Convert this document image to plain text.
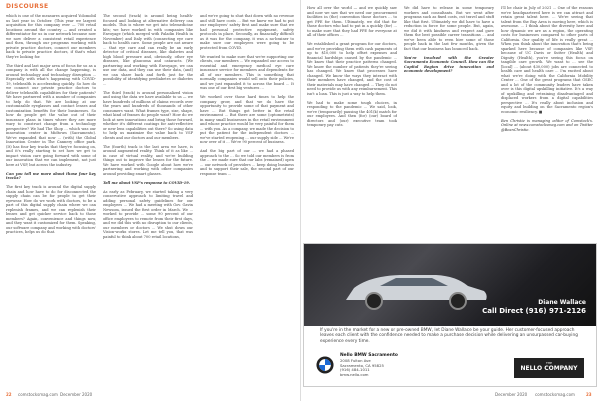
DISCOURSE

which is one of the measures acquired Yolomobil us last year in October. (This year we largest acquisition for this company ever — 700 retail locations around the country — and created a differentiator for us in our network because now we now deliver a consistent retail experience and then, through our programs working with private practice doctors, connect our members back to private practice doctors, if that's what they're looking for.

The third and last major area of focus for us as a company is with all the change happening, is around technology and technology disruption ... Especially with what's happening with COVID-19, telehealth is accelerating quickly. So how do we connect our private practice doctors to deliver telehealth capabilities for their patients? We have partnered with a number of companies to help do that. We are looking at our customizable eyeglasses and contact lenses and customization benefits for their businesses. So how do people get the value out of their insurance plans in times where they are more wary to construct change from a technology perspective? We had The Shop ... which was our innovation center in Midtown (Sacramento). We've expanded that now ... (with) the Global Innovation Center in The Cannery office park. (It) has four key tracks that they're focusing on, and it's really starting to set how we get to impact vision care going forward with some of our innovation that we can implement, not just here at VSP, but across the industry.

Can you tell me more about those four key tracks?

The first key track is around the digital supply chain and how have to do for disconnected the supply chain can be for people to get their eyewear. How do we work with doctors, to be a part of this digital supply chain where we can replenish frames, and we can replenish their lenses and get quicker service back to those members? Again, convenience and things now, and they want it customized for them. Speaking, our software company and working with doctors' practices, helps us do that.

The second (track) is around being health-focused and looking at alternative delivery can models. This is where we get into telemedicine kits; we have worked in with companies like Envoyage (which merged with Paladin Health in November) and Italy with (connecting eye care back to health care. Some people are not aware ... that eye care and can really be an early detector of critical diseases, like diabetes and high blood pressure and, obviously, other eye diseases, like glaucoma and cataracts. (We partnering and working with Envoyage, we can use our data, and they can use their data, (and) we can share back and forth just for the possibility of identifying prediabetes or diabetes ...

The third (track) is around personalized vision and using the data we have available to us — we have hundreds of millions of claims records over the years and hundreds of thousands of other consumers want. What frames type, size, shape, what kind of frames do people want? How do we look at new innovations and bring those forward, whether it's different coatings for anti-reflective or new lens capabilities out there? So using data to help us maximize the value back to VSP clients and our doctors and our members.

The (fourth) track is the last area we have, is around augmented reality. Think of it as like ... in case of virtual reality, and we're building things out to improve the lenses for the future. We have worked with Google about how we're partnering and working with other companies around providing smart glasses.

Tell me about VSP's response to COVID-19.

As early as February, we started taking a very conservative approach to limiting travel and adding personal safety guidelines for our employees ... We had a meeting with Gov. Gavin Newsom, issued the first order in March. We ... worked to provide ... some 90 percent of our office employees to remote from their first days, and we did this with no disruption to our clients, our members or doctors ... We shut down our Vision-works stores. Let me tell you, that was painful to think about 700 retail locations,

and we're going to shut that down with no revenue and still have costs ... But we knew we had to put our employees' safety first and make sure that we had personal protective equipment, safety protocols in place. Secondly, as financially difficult as it was for the company, it was a no-brainer to make sure our employees were going to be protected from COVID.

We wanted to make sure that we're supporting our clients, our members ... We expanded our access to essential and emergency medical eye care insurance service for members and dependents for all of our members. This is something that normally companies would sell onto their policies, and we just expanded it to across the board ... It was one of our first big ventures ...

We worked over those hard times to help the company grow, and that we do have the opportunity to provide some of that payment and have ... But things got better in the retail environment ... But there are some (optometrists) in many small businesses in the retail environment and whose practice would be very painful for them ... with you. As a company, we made the decision to put the patient for the independent doctors ... we've started reopening ... our supply side ... We're now over of it ... We're 90 percent of business.

And the big part of our ... we had a phased approach to the ... So we told our members is from the ... we made sure that our labs (remained) open ... our network of providers ... keep doing business and to support their sale, the second part of our response team ...

How all over the world — and we quickly saw and now we saw that we need our procurement facilities in (the) convention those doctors ... to get PPE for them. Ultimately, we did that for those doctors who had to put in a quickly (for) ... to make sure that they had PPE for everyone at all of their offices ...

We established a grant program for our doctors, and we're providing them with cash payments of up to $10,000 to help offset expenses and financial hardships caused by the pandemic ... We know that their practice patterns changed. We know the number of patients they're seeing has changed. We know that processes have changed. We know the ways they interact with their members have changed, and the cost of their materials may have changed ... They do not need to provide us with any reimbursement. This isn't a loan. This is just a way to help them.

We had to make some tough choices, in responding to the pandemic ... We said, look, we're (temporarily) pausing the 401(k) match for our employees. And then (for) (our) board of directors and (our) executive team took temporary pay cuts.

We did have to release in some temporary workers and consultants. But we went after programs such as fixed costs, cut travel and stuff like that first. Ultimately we did have to have a reduction in force for some people. But, again, we did it with kindness and respect and gave them the best possible career transitions ... and we've been able to even hire some of those people back in the last few months, given the fact that our business has bounced back.

You're involved with the Greater Sacramento Economic Council. How can the Capital Region drive innovation and economic development?

I'll be chair in July of 2021 ... One of the reasons we're headquartered here is we can attract and retain great talent here. ... We're seeing that talent from the Bay Area is moving here, which is awesome. ... I think about the diversity here and how dynamic we are as a region, the operating costs for businesses compared to other parts of California. Our quality of life is really great ... When you think about the innovation that's being sparked here because of companies like VSP, because of UC Davis or Sutter (Health) and Dignity (Health), you're seeing this focus on tangible care growth. We want to ... see the [local] ... (about $30,000) jobs are connected to health care and health care ... I'm excited about what we're doing with the California Mobility Center ... One of the great programs that GSEC and a lot of the community leaders have taken over is this digital upskilling initiative. It's a way of upskilling and retraining disadvantaged and displaced workers from a digital capabilities perspective ... It's really about inclusion and equity and building on the Sacramento region's economic resiliency. ■

Ben Christie is managing editor of Comstock's. Online at www.comstocksmag.com and on Twitter @BeanChristie.

Diane Wallace
Call Direct (916) 971-2126
If you're in the market for a new or pre-owned BMW, let Diane Wallace be your guide. Her customer-focused approach leaves each client with the confidence needed to make a purchase decision while delivering an unsurpassed car-buying experience every time.
Nello BMW Sacramento
2008 Fulton Ave
Sacramento, CA 95825
(916) 484-1011
bmw.nello.com
THE
NELLO COMPANY
22 comstocksmag.com December 2020	December 2020 comstocksmag.com	23
